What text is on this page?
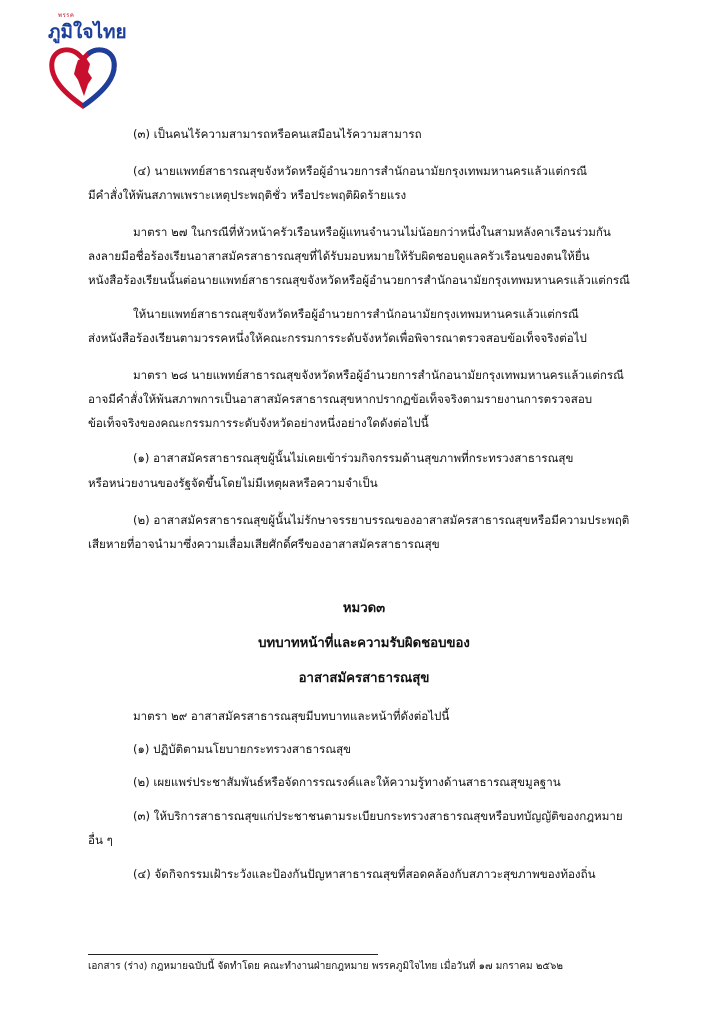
พรรค
ภูมิใจไทย
(๓) เป็นคนไร้ความสามารถหรือคนเสมือนไร้ความสามารถ
(๔) นายแพทย์สาธารณสุขจังหวัดหรือผู้อำนวยการสำนักอนามัยกรุงเทพมหานครแล้วแต่กรณี
มีคำสั่งให้พ้นสภาพเพราะเหตุประพฤติชั่ว หรือประพฤติผิดร้ายแรง
มาตรา ๒๗ ในกรณีที่หัวหน้าครัวเรือนหรือผู้แทนจำนวนไม่น้อยกว่าหนึ่งในสามหลังคาเรือนร่วมกัน
ลงลายมือชื่อร้องเรียนอาสาสมัครสาธารณสุขที่ได้รับมอบหมายให้รับผิดชอบดูแลครัวเรือนของตนให้ยื่น
หนังสือร้องเรียนนั้นต่อนายแพทย์สาธารณสุขจังหวัดหรือผู้อำนวยการสำนักอนามัยกรุงเทพมหานครแล้วแต่กรณี
ให้นายแพทย์สาธารณสุขจังหวัดหรือผู้อำนวยการสำนักอนามัยกรุงเทพมหานครแล้วแต่กรณี
ส่งหนังสือร้องเรียนตามวรรคหนึ่งให้คณะกรรมการระดับจังหวัดเพื่อพิจารณาตรวจสอบข้อเท็จจริงต่อไป
มาตรา ๒๘ นายแพทย์สาธารณสุขจังหวัดหรือผู้อำนวยการสำนักอนามัยกรุงเทพมหานครแล้วแต่กรณี
อาจมีคำสั่งให้พ้นสภาพการเป็นอาสาสมัครสาธารณสุขหากปรากฏข้อเท็จจริงตามรายงานการตรวจสอบ
ข้อเท็จจริงของคณะกรรมการระดับจังหวัดอย่างหนึ่งอย่างใดดังต่อไปนี้
(๑) อาสาสมัครสาธารณสุขผู้นั้นไม่เคยเข้าร่วมกิจกรรมด้านสุขภาพที่กระทรวงสาธารณสุข
หรือหน่วยงานของรัฐจัดขึ้นโดยไม่มีเหตุผลหรือความจำเป็น
(๒) อาสาสมัครสาธารณสุขผู้นั้นไม่รักษาจรรยาบรรณของอาสาสมัครสาธารณสุขหรือมีความประพฤติ
เสียหายที่อาจนำมาซึ่งความเสื่อมเสียศักดิ์ศรีของอาสาสมัครสาธารณสุข
หมวด๓
บทบาทหน้าที่และความรับผิดชอบของ
อาสาสมัครสาธารณสุข
มาตรา ๒๙ อาสาสมัครสาธารณสุขมีบทบาทและหน้าที่ดังต่อไปนี้
(๑) ปฏิบัติตามนโยบายกระทรวงสาธารณสุข
(๒) เผยแพร่ประชาสัมพันธ์หรือจัดการรณรงค์และให้ความรู้ทางด้านสาธารณสุขมูลฐาน
(๓) ให้บริการสาธารณสุขแก่ประชาชนตามระเบียบกระทรวงสาธารณสุขหรือบทบัญญัติของกฎหมาย
อื่น ๆ
(๔) จัดกิจกรรมเฝ้าระวังและป้องกันปัญหาสาธารณสุขที่สอดคล้องกับสภาวะสุขภาพของท้องถิ่น
เอกสาร (ร่าง) กฎหมายฉบับนี้ จัดทำโดย คณะทำงานฝ่ายกฎหมาย พรรคภูมิใจไทย เมื่อวันที่ ๑๗ มกราคม ๒๕๖๒
